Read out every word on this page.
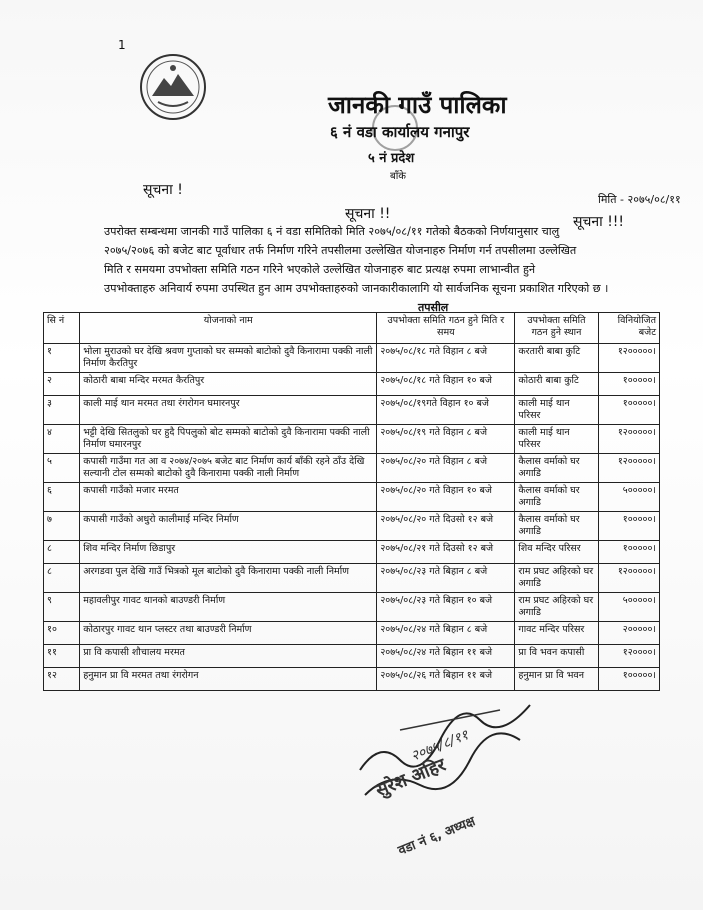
1
जानकी गाउँ पालिका
६ नं वडा कार्यालय गनापुर
५ नं प्रदेश
बाँके
सूचना !
मिति - २०७५/०८/११
सूचना !!	सूचना !!!

उपरोक्त सम्बन्धमा जानकी गाउँ पालिका ६ नं वडा समितिको मिति २०७५/०८/११ गतेको बैठकको निर्णयानुसार चालु

२०७५/२०७६ को बजेट बाट पूर्वाधार तर्फ निर्माण गरिने तपसीलमा उल्लेखित योजनाहरु निर्माण गर्न तपसीलमा उल्लेखित

मिति र समयमा उपभोक्ता समिति गठन गरिने भएकोले उल्लेखित योजनाहरु बाट प्रत्यक्ष रुपमा लाभान्वीत हुने

उपभोक्ताहरु अनिवार्य रुपमा उपस्थित हुन आम उपभोक्ताहरुको जानकारीकालागि यो सार्वजनिक सूचना प्रकाशित गरिएको छ ।

तपसील
सि नं	योजनाको नाम	उपभोक्ता समिति गठन हुने मिति र समय	उपभोक्ता समिति गठन हुने स्थान	विनियोजित बजेट
१	भोला मुराउको घर देखि श्रवण गुप्ताको घर सम्मको बाटोको दुवै किनारामा पक्की नाली निर्माण कैरतिपुर	२०७५/०८/१८ गते विहान ८ बजे	करतारी बाबा कुटि	१२०००००।
२	कोठारी बाबा मन्दिर मरमत कैरतिपुर	२०७५/०८/१८ गते विहान १० बजे	कोठारी बाबा कुटि	१०००००।
३	काली माई थान मरमत तथा रंगरोगन घमारनपुर	२०७५/०८/१९गते विहान १० बजे	काली माई थान परिसर	१०००००।
४	भट्टी देखि सितलुको घर हुदै पिपलुको बोट सम्मको बाटोको दुवै किनारामा पक्की नाली निर्माण घमारनपुर	२०७५/०८/१९ गते विहान ८ बजे	काली माई थान परिसर	१२०००००।
५	कपासी गाउँमा गत आ व २०७४/२०७५ बजेट बाट निर्माण कार्य बाँकी रहने ठाँउ देखि सल्यानी टोल सम्मको बाटोको दुवै किनारामा पक्की नाली निर्माण	२०७५/०८/२० गते विहान ८ बजे	कैलास वर्माको घर अगाडि	१२०००००।
६	कपासी गाउँको मजार मरमत	२०७५/०८/२० गते विहान १० बजे	कैलास वर्माको घर अगाडि	५०००००।
७	कपासी गाउँको अधुरो कालीमाई मन्दिर निर्माण	२०७५/०८/२० गते दिउसो १२ बजे	कैलास वर्माको घर अगाडि	१०००००।
८	शिव मन्दिर निर्माण छिडापुर	२०७५/०८/२१ गते दिउसो १२ बजे	शिव मन्दिर परिसर	१०००००।
८	अरगडवा पुल देखि गाउँ भित्रको मूल बाटोको दुवै किनारामा पक्की नाली निर्माण	२०७५/०८/२३ गते बिहान ८ बजे	राम प्रघट अहिरको घर अगाडि	१२०००००।
९	महावलीपुर गावट थानको बाउण्डरी निर्माण	२०७५/०८/२३ गते बिहान १० बजे	राम प्रघट अहिरको घर अगाडि	५०००००।
१०	कोठारपुर गावट थान प्लस्टर तथा बाउण्डरी निर्माण	२०७५/०८/२४ गते बिहान ८ बजे	गावट मन्दिर परिसर	२०००००।
११	प्रा वि कपासी शौचालय मरमत	२०७५/०८/२४ गते बिहान ११ बजे	प्रा वि भवन कपासी	१२००००।
१२	हनुमान प्रा वि मरमत तथा रंगरोगन	२०७५/०८/२६ गते बिहान ११ बजे	हनुमान प्रा वि भवन	१०००००।
सुरेश अहिर
वडा नं ६, अध्यक्ष
२०७५/८/११
